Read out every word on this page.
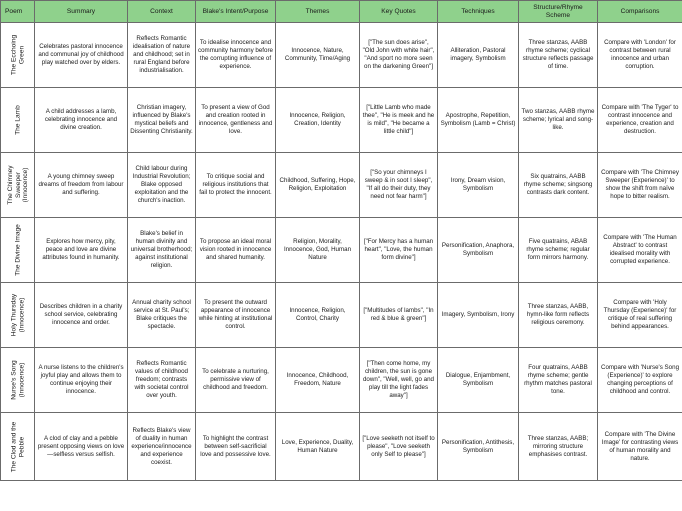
Poem	Summary	Context	Blake's Intent/Purpose	Themes	Key Quotes	Techniques	Structure/Rhyme Scheme	Comparisons

The Ecchoing Green	Celebrates pastoral innocence and communal joy of childhood play watched over by elders.	Reflects Romantic idealisation of nature and childhood; set in rural England before industrialisation.	To idealise innocence and community harmony before the corrupting influence of experience.	Innocence, Nature, Community, Time/Aging	["The sun does arise", "Old John with white hair", "And sport no more seen on the darkening Green"]	Alliteration, Pastoral imagery, Symbolism	Three stanzas, AABB rhyme scheme; cyclical structure reflects passage of time.	Compare with 'London' for contrast between rural innocence and urban corruption.

The Lamb	A child addresses a lamb, celebrating innocence and divine creation.	Christian imagery, influenced by Blake's mystical beliefs and Dissenting Christianity.	To present a view of God and creation rooted in innocence, gentleness and love.	Innocence, Religion, Creation, Identity	["Little Lamb who made thee", "He is meek and he is mild", "He became a little child"]	Apostrophe, Repetition, Symbolism (Lamb = Christ)	Two stanzas, AABB rhyme scheme; lyrical and song-like.	Compare with 'The Tyger' to contrast innocence and experience, creation and destruction.

The Chimney Sweeper (Innocence)	A young chimney sweep dreams of freedom from labour and suffering.	Child labour during Industrial Revolution; Blake opposed exploitation and the church's inaction.	To critique social and religious institutions that fail to protect the innocent.	Childhood, Suffering, Hope, Religion, Exploitation	["So your chimneys I sweep & in soot I sleep", "If all do their duty, they need not fear harm"]	Irony, Dream vision, Symbolism	Six quatrains, AABB rhyme scheme; singsong contrasts dark content.	Compare with 'The Chimney Sweeper (Experience)' to show the shift from naïve hope to bitter realism.

The Divine Image	Explores how mercy, pity, peace and love are divine attributes found in humanity.	Blake's belief in human divinity and universal brotherhood; against institutional religion.	To propose an ideal moral vision rooted in innocence and shared humanity.	Religion, Morality, Innocence, God, Human Nature	["For Mercy has a human heart", "Love, the human form divine"]	Personification, Anaphora, Symbolism	Five quatrains, ABAB rhyme scheme; regular form mirrors harmony.	Compare with 'The Human Abstract' to contrast idealised morality with corrupted experience.

Holy Thursday (Innocence)	Describes children in a charity school service, celebrating innocence and order.	Annual charity school service at St. Paul's; Blake critiques the spectacle.	To present the outward appearance of innocence while hinting at institutional control.	Innocence, Religion, Control, Charity	["Multitudes of lambs", "In red & blue & green"]	Imagery, Symbolism, Irony	Three stanzas, AABB, hymn-like form reflects religious ceremony.	Compare with 'Holy Thursday (Experience)' for critique of real suffering behind appearances.

Nurse's Song (Innocence)	A nurse listens to the children's joyful play and allows them to continue enjoying their innocence.	Reflects Romantic values of childhood freedom; contrasts with societal control over youth.	To celebrate a nurturing, permissive view of childhood and freedom.	Innocence, Childhood, Freedom, Nature	["Then come home, my children, the sun is gone down", "Well, well, go and play till the light fades away"]	Dialogue, Enjambment, Symbolism	Four quatrains, AABB rhyme scheme; gentle rhythm matches pastoral tone.	Compare with 'Nurse's Song (Experience)' to explore changing perceptions of childhood and control.

The Clod and the Pebble	A clod of clay and a pebble present opposing views on love—selfless versus selfish.	Reflects Blake's view of duality in human experience/innocence and experience coexist.	To highlight the contrast between self-sacrificial love and possessive love.	Love, Experience, Duality, Human Nature	["Love seeketh not itself to please", "Love seeketh only Self to please"]	Personification, Antithesis, Symbolism	Three stanzas, AABB; mirroring structure emphasises contrast.	Compare with 'The Divine Image' for contrasting views of human morality and nature.
